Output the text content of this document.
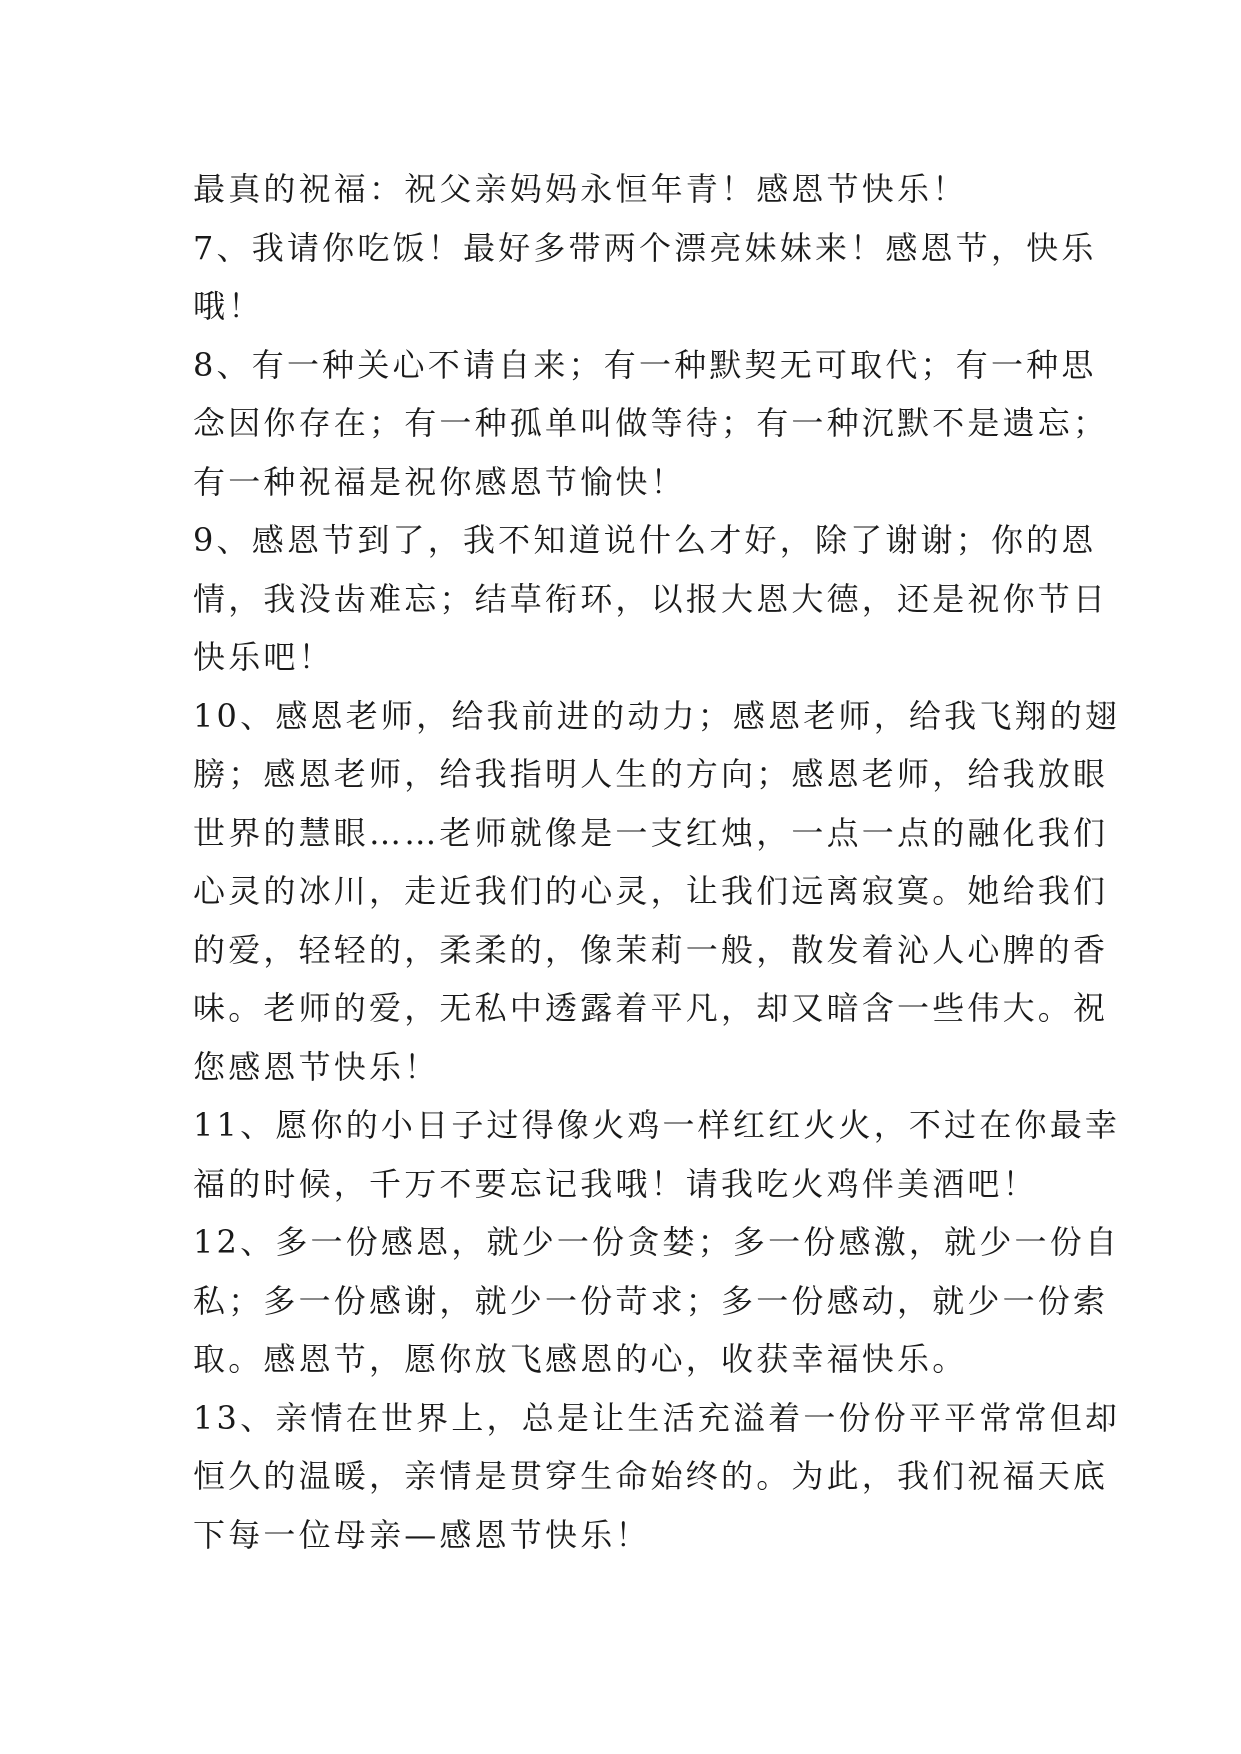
最真的祝福：祝父亲妈妈永恒年青！感恩节快乐！
7、我请你吃饭！最好多带两个漂亮妹妹来！感恩节，快乐
哦！
8、有一种关心不请自来；有一种默契无可取代；有一种思
念因你存在；有一种孤单叫做等待；有一种沉默不是遗忘；
有一种祝福是祝你感恩节愉快！
9、感恩节到了，我不知道说什么才好，除了谢谢；你的恩
情，我没齿难忘；结草衔环，以报大恩大德，还是祝你节日
快乐吧！
10、感恩老师，给我前进的动力；感恩老师，给我飞翔的翅
膀；感恩老师，给我指明人生的方向；感恩老师，给我放眼
世界的慧眼……老师就像是一支红烛，一点一点的融化我们
心灵的冰川，走近我们的心灵，让我们远离寂寞。她给我们
的爱，轻轻的，柔柔的，像茉莉一般，散发着沁人心脾的香
味。老师的爱，无私中透露着平凡，却又暗含一些伟大。祝
您感恩节快乐！
11、愿你的小日子过得像火鸡一样红红火火，不过在你最幸
福的时候，千万不要忘记我哦！请我吃火鸡伴美酒吧！
12、多一份感恩，就少一份贪婪；多一份感激，就少一份自
私；多一份感谢，就少一份苛求；多一份感动，就少一份索
取。感恩节，愿你放飞感恩的心，收获幸福快乐。
13、亲情在世界上，总是让生活充溢着一份份平平常常但却
恒久的温暖，亲情是贯穿生命始终的。为此，我们祝福天底
下每一位母亲—感恩节快乐！
